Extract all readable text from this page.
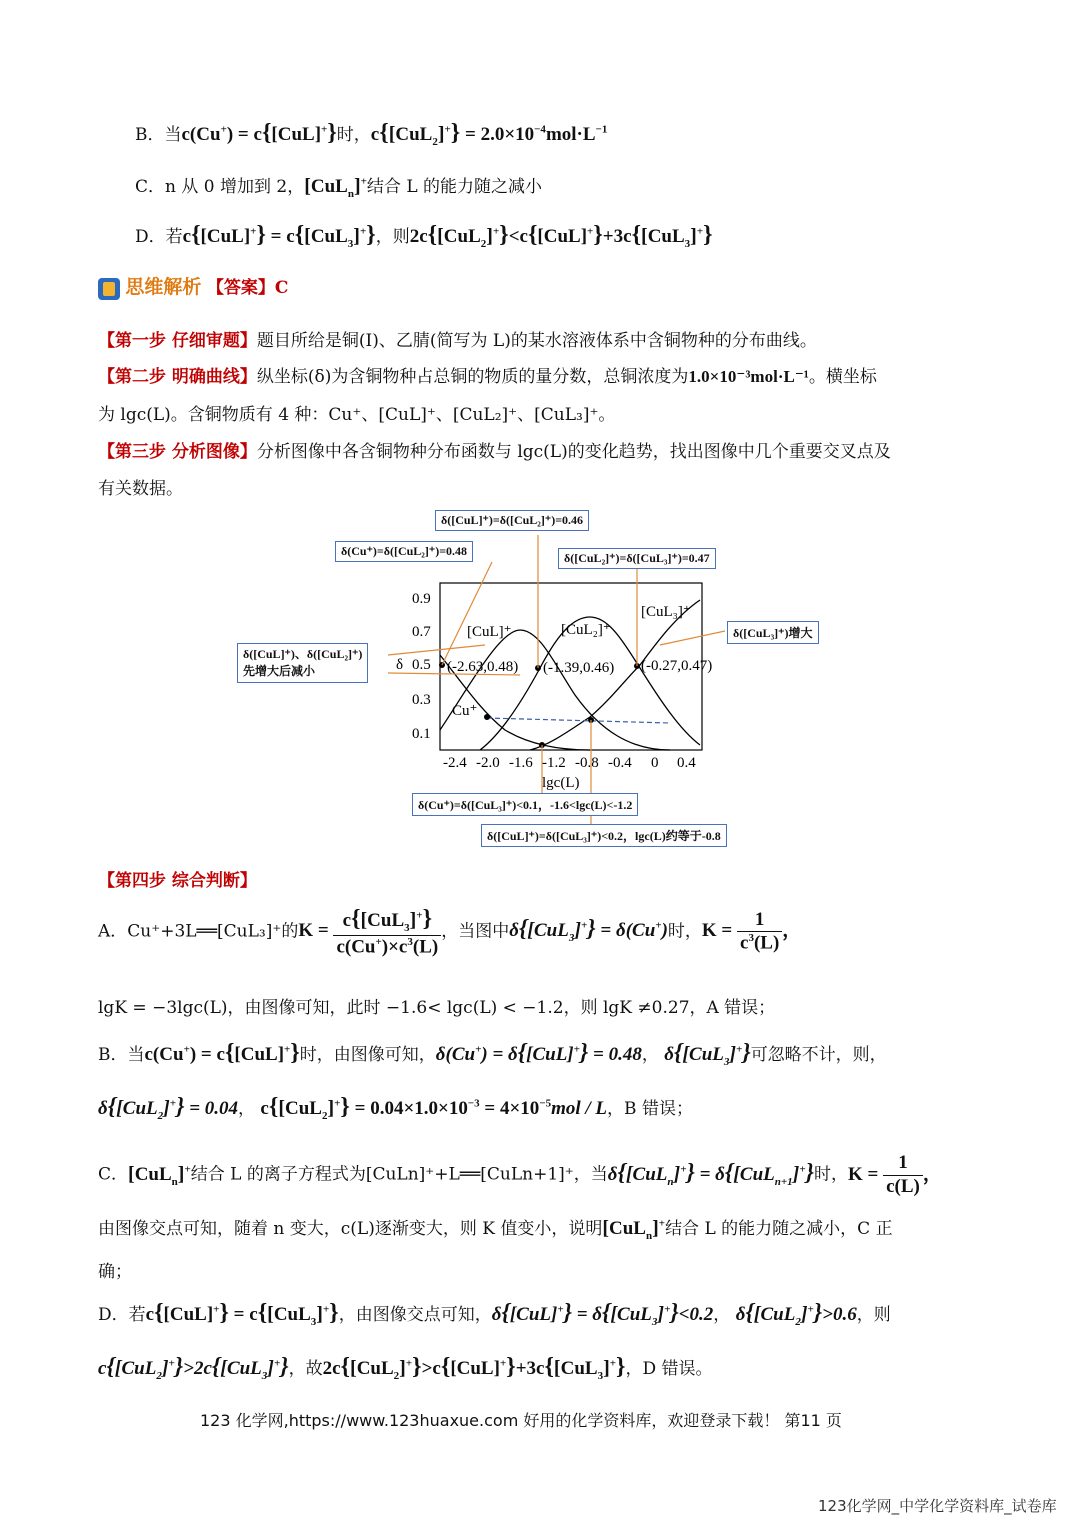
B．当c(Cu+) = c{[CuL]+}时，$c\{[CuL_2]^+\} = 2.0\times 10^{-4}mol\cdot L^{-1}$
C．n 从 0 增加到 2，[CuL$_n$]+结合 L 的能力随之减小
D．若c{[CuL]+} = c{[CuL$_3$]+}，则2c{[CuL$_2$]+}<c{[CuL]+}+3c{[CuL$_3$]+}
思维解析 【答案】C
【第一步 仔细审题】题目所给是铜(I)、乙腈(简写为 L)的某水溶液体系中含铜物种的分布曲线。
【第二步 明确曲线】纵坐标(δ)为含铜物种占总铜的物质的量分数，总铜浓度为1.0×10⁻³mol·L⁻¹。横坐标
为 lgc(L)。含铜物质有 4 种：Cu⁺、[CuL]⁺、[CuL₂]⁺、[CuL₃]⁺。
【第三步 分析图像】分析图像中各含铜物种分布函数与 lgc(L)的变化趋势，找出图像中几个重要交叉点及
有关数据。
0.9
0.7
0.5
0.3
0.1
δ
-2.4 -2.0 -1.6 -1.2 -0.8 -0.4 0 0.4
lgc(L)
Cu⁺
[CuL]⁺	[CuL₂]⁺
[CuL₃]⁺
(-2.63,0.48) (-1.39,0.46) (-0.27,0.47)
δ([CuL]⁺)=δ([CuL₂]⁺)=0.46
δ(Cu⁺)=δ([CuL₂]⁺)=0.48	δ([CuL₂]⁺)=δ([CuL₃]⁺)=0.47
δ([CuL₃]⁺)增大
δ([CuL]⁺)、δ([CuL₂]⁺)
先增大后减小
δ(Cu⁺)=δ([CuL₃]⁺)<0.1，-1.6<lgc(L)<-1.2
δ([CuL]⁺)=δ([CuL₃]⁺)<0.2，lgc(L)约等于-0.8
【第四步 综合判断】
A．Cu⁺+3L══[CuL₃]⁺的$K = \frac{c\{[CuL_3]^+\}}{c(Cu^+)\times c^3(L)}$ ，当图中δ{[CuL$_3$]+} = δ(Cu+)时，$K = \frac{1}{c^3(L)}$ ，
lgK = −3lgc(L)，由图像可知，此时 −1.6< lgc(L) < −1.2，则 lgK ≠0.27，A 错误；
B．当c(Cu+) = c{[CuL]+}时，由图像可知，δ(Cu+) = δ{[CuL]+} = 0.48， δ{[CuL$_3$]+}可忽略不计，则，
δ{[CuL$_2$]+} = 0.04， $c\{[CuL_2]^+\} = 0.04\times 1.0\times 10^{-3} = 4\times 10^{-5}mol / L$，B 错误；
C．[CuL$_n$]+结合 L 的离子方程式为[CuLn]⁺+L══[CuLn+1]⁺，当δ{[CuL$_n$]+} = δ{[CuL$_{n+1}$]+}时，$K = \frac{1}{c(L)}$ ，
由图像交点可知，随着 n 变大，c(L)逐渐变大，则 K 值变小，说明[CuL$_n$]+结合 L 的能力随之减小，C 正
确；
D．若c{[CuL]+} = c{[CuL$_3$]+}，由图像交点可知，δ{[CuL]+} = δ{[CuL$_3$]+}<0.2， δ{[CuL$_2$]+}>0.6，则
c{[CuL$_2$]+}>2c{[CuL$_3$]+}，故2c{[CuL$_2$]+}>c{[CuL]+}+3c{[CuL$_3$]+}，D 错误。
123 化学网,https://www.123huaxue.com 好用的化学资料库，欢迎登录下载！ 第11 页
123化学网_中学化学资料库_试卷库
